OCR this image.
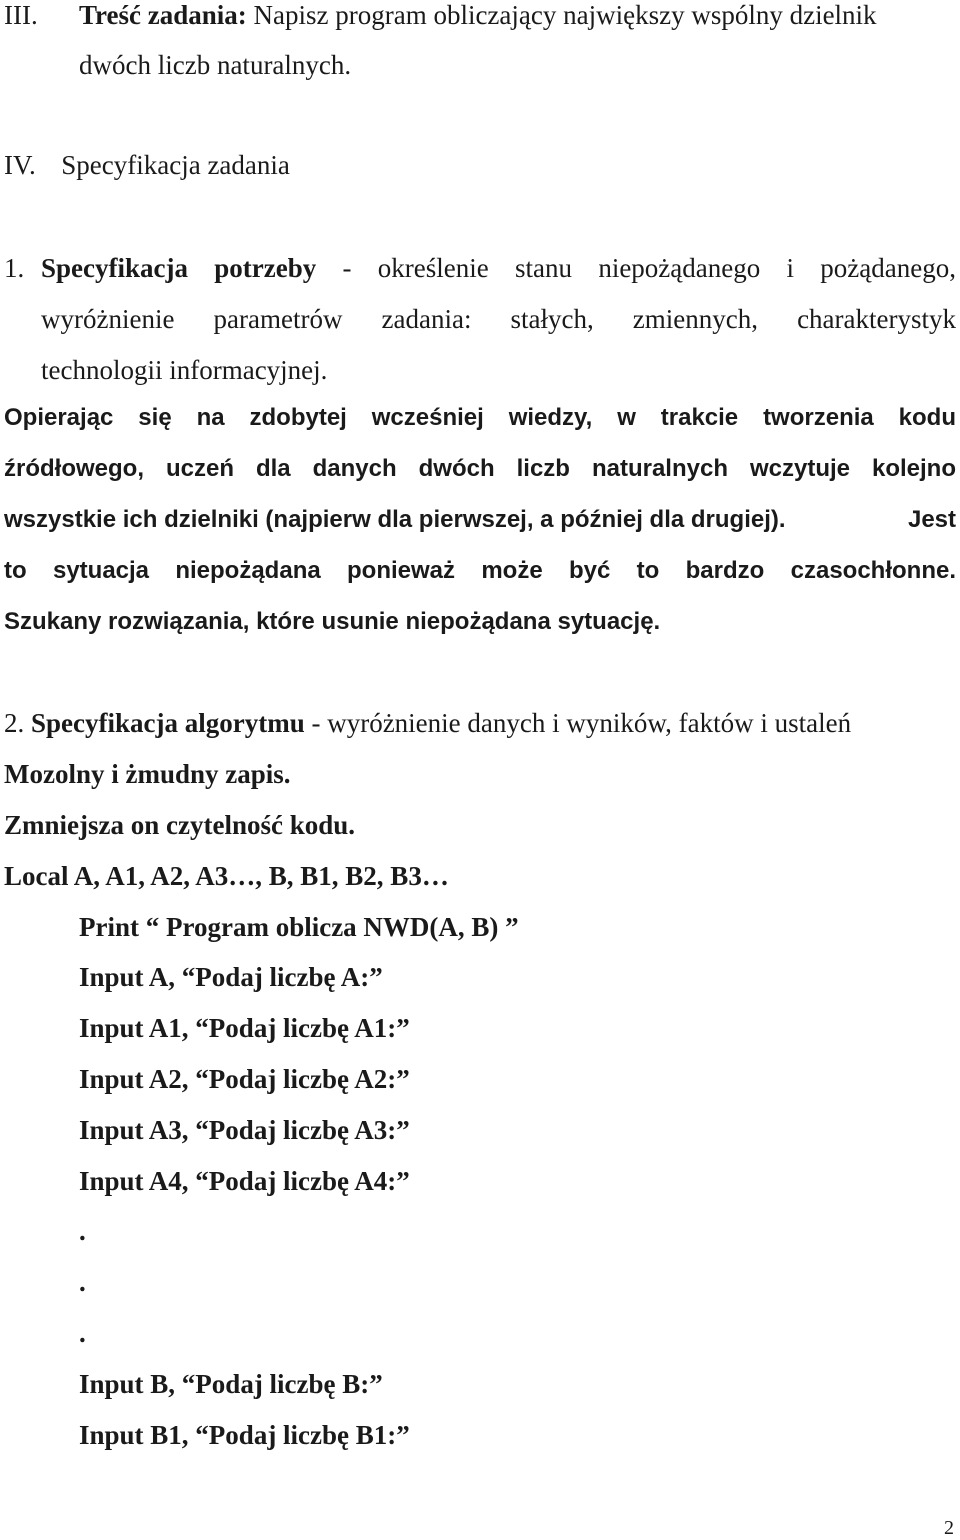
III. Treść zadania: Napisz program obliczający największy wspólny dzielnik
dwóch liczb naturalnych.
IV. Specyfikacja zadania
1. Specyfikacja potrzeby - określenie stanu niepożądanego i pożądanego,
wyróżnienie parametrów zadania: stałych, zmiennych, charakterystyk
technologii informacyjnej.
Opierając się na zdobytej wcześniej wiedzy, w trakcie tworzenia kodu
źródłowego, uczeń dla danych dwóch liczb naturalnych wczytuje kolejno
wszystkie ich dzielniki (najpierw dla pierwszej, a później dla drugiej).	Jest
to sytuacja niepożądana ponieważ może być to bardzo czasochłonne.
Szukany rozwiązania, które usunie niepożądana sytuację.
2. Specyfikacja algorytmu - wyróżnienie danych i wyników, faktów i ustaleń
Mozolny i żmudny zapis.
Zmniejsza on czytelność kodu.
Local A, A1, A2, A3…, B, B1, B2, B3…
Print “ Program oblicza NWD(A, B) ”
Input A, “Podaj liczbę A:”
Input A1, “Podaj liczbę A1:”
Input A2, “Podaj liczbę A2:”
Input A3, “Podaj liczbę A3:”
Input A4, “Podaj liczbę A4:”
.
.
.
Input B, “Podaj liczbę B:”
Input B1, “Podaj liczbę B1:”
2
